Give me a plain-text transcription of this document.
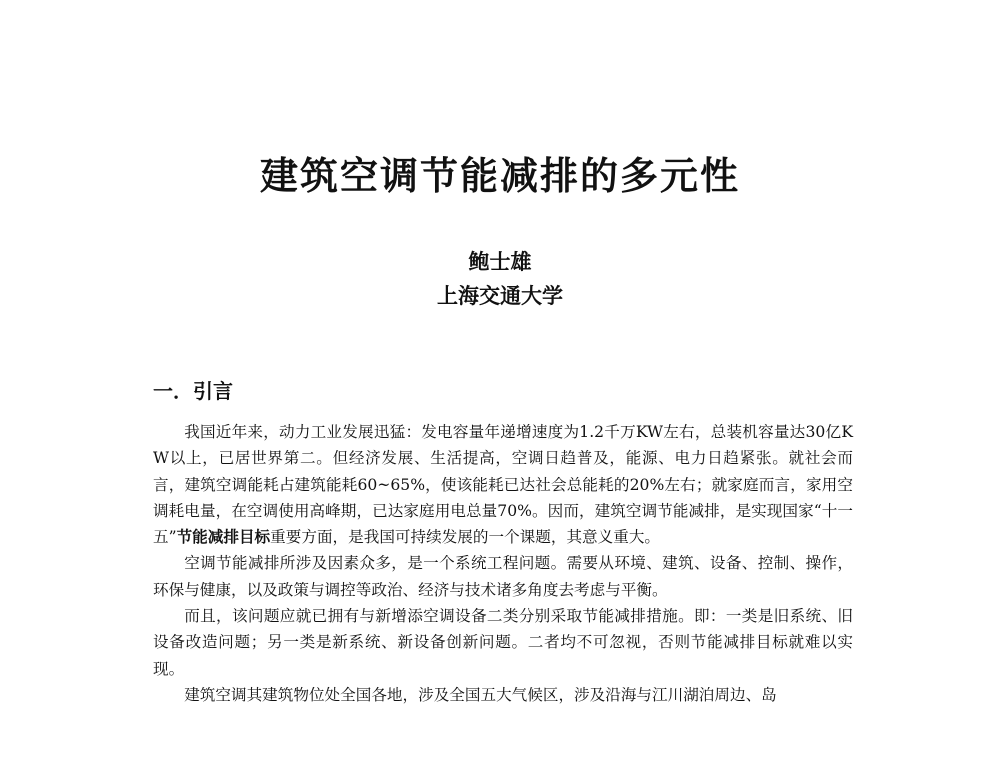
建筑空调节能减排的多元性
鲍士雄
上海交通大学
一．引言

我国近年来，动力工业发展迅猛：发电容量年递增速度为1.2千万KW左右，总装机容量达30亿KW以上，已居世界第二。但经济发展、生活提高，空调日趋普及，能源、电力日趋紧张。就社会而言，建筑空调能耗占建筑能耗60~65%，使该能耗已达社会总能耗的20%左右；就家庭而言，家用空调耗电量，在空调使用高峰期，已达家庭用电总量70%。因而，建筑空调节能减排，是实现国家“十一五”节能减排目标重要方面，是我国可持续发展的一个课题，其意义重大。

空调节能减排所涉及因素众多，是一个系统工程问题。需要从环境、建筑、设备、控制、操作，环保与健康，以及政策与调控等政治、经济与技术诸多角度去考虑与平衡。

而且，该问题应就已拥有与新增添空调设备二类分别采取节能减排措施。即：一类是旧系统、旧设备改造问题；另一类是新系统、新设备创新问题。二者均不可忽视，否则节能减排目标就难以实现。

建筑空调其建筑物位处全国各地，涉及全国五大气候区，涉及沿海与江川湖泊周边、岛
